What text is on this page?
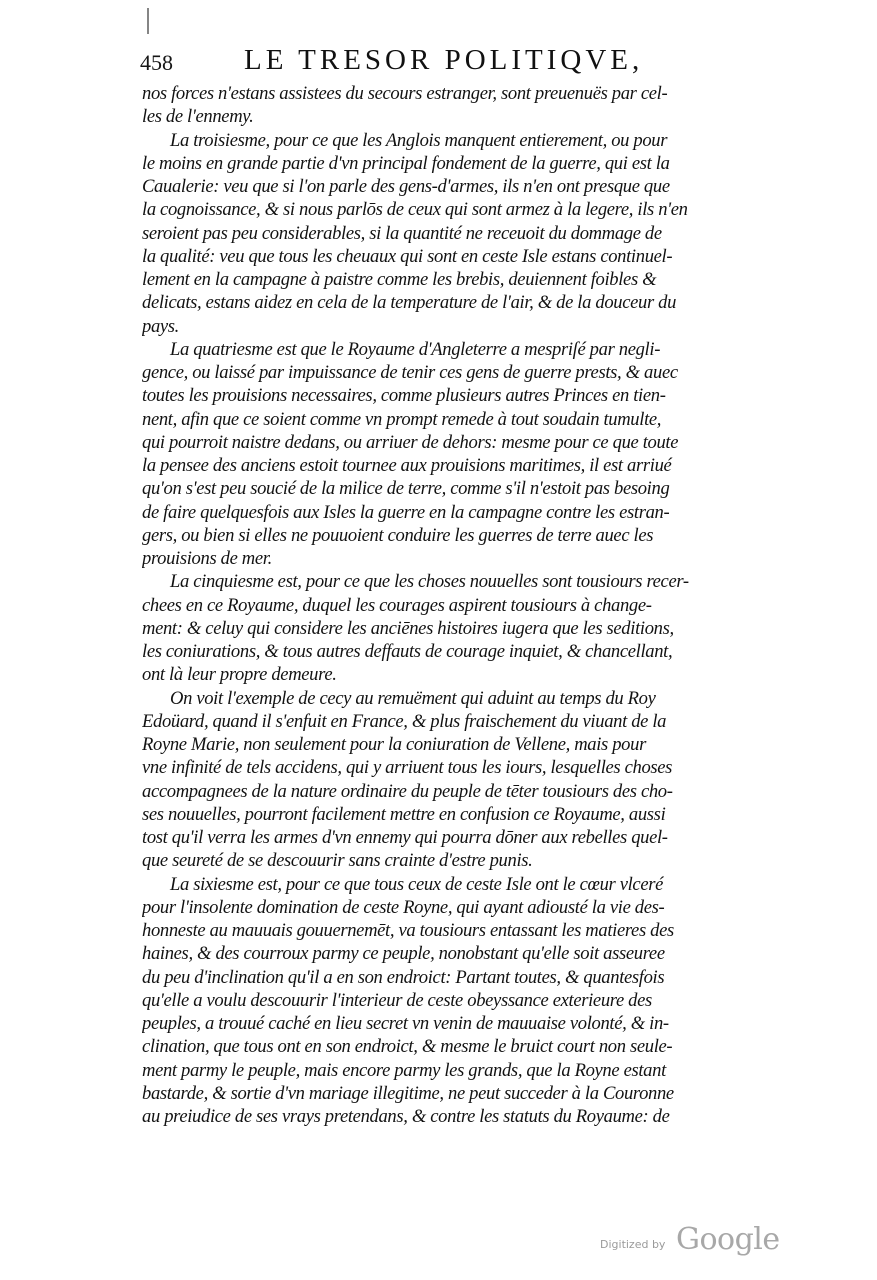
458 LE TRESOR POLITIQVE,
nos forces n'estans assistees du secours estranger, sont preuenuës par cel-
les de l'ennemy.
La troisiesme, pour ce que les Anglois manquent entierement, ou pour
le moins en grande partie d'vn principal fondement de la guerre, qui est la
Caualerie: veu que si l'on parle des gens-d'armes, ils n'en ont presque que
la cognoissance, & si nous parlōs de ceux qui sont armez à la legere, ils n'en
seroient pas peu considerables, si la quantité ne receuoit du dommage de
la qualité: veu que tous les cheuaux qui sont en ceste Isle estans continuel-
lement en la campagne à paistre comme les brebis, deuiennent foibles &
delicats, estans aidez en cela de la temperature de l'air, & de la douceur du
pays.
La quatriesme est que le Royaume d'Angleterre a mespriſé par negli-
gence, ou laissé par impuissance de tenir ces gens de guerre prests, & auec
toutes les prouisions necessaires, comme plusieurs autres Princes en tien-
nent, afin que ce soient comme vn prompt remede à tout soudain tumulte,
qui pourroit naistre dedans, ou arriuer de dehors: mesme pour ce que toute
la pensee des anciens estoit tournee aux prouisions maritimes, il est arriué
qu'on s'est peu soucié de la milice de terre, comme s'il n'estoit pas besoing
de faire quelquesfois aux Isles la guerre en la campagne contre les estran-
gers, ou bien si elles ne pouuoient conduire les guerres de terre auec les
prouisions de mer.
La cinquiesme est, pour ce que les choses nouuelles sont tousiours recer-
chees en ce Royaume, duquel les courages aspirent tousiours à change-
ment: & celuy qui considere les anciēnes histoires iugera que les seditions,
les coniurations, & tous autres deffauts de courage inquiet, & chancellant,
ont là leur propre demeure.
On voit l'exemple de cecy au remuëment qui aduint au temps du Roy
Edoüard, quand il s'enfuit en France, & plus fraischement du viuant de la
Royne Marie, non seulement pour la coniuration de Vellene, mais pour
vne infinité de tels accidens, qui y arriuent tous les iours, lesquelles choses
accompagnees de la nature ordinaire du peuple de tēter tousiours des cho-
ses nouuelles, pourront facilement mettre en confusion ce Royaume, aussi
tost qu'il verra les armes d'vn ennemy qui pourra dōner aux rebelles quel-
que seureté de se descouurir sans crainte d'estre punis.
La sixiesme est, pour ce que tous ceux de ceste Isle ont le cœur vlceré
pour l'insolente domination de ceste Royne, qui ayant adiousté la vie des-
honneste au mauuais gouuernemēt, va tousiours entassant les matieres des
haines, & des courroux parmy ce peuple, nonobstant qu'elle soit asseuree
du peu d'inclination qu'il a en son endroict: Partant toutes, & quantesfois
qu'elle a voulu descouurir l'interieur de ceste obeyssance exterieure des
peuples, a trouué caché en lieu secret vn venin de mauuaise volonté, & in-
clination, que tous ont en son endroict, & mesme le bruict court non seule-
ment parmy le peuple, mais encore parmy les grands, que la Royne estant
bastarde, & sortie d'vn mariage illegitime, ne peut succeder à la Couronne
au preiudice de ses vrays pretendans, & contre les statuts du Royaume: de
Digitized by Google
